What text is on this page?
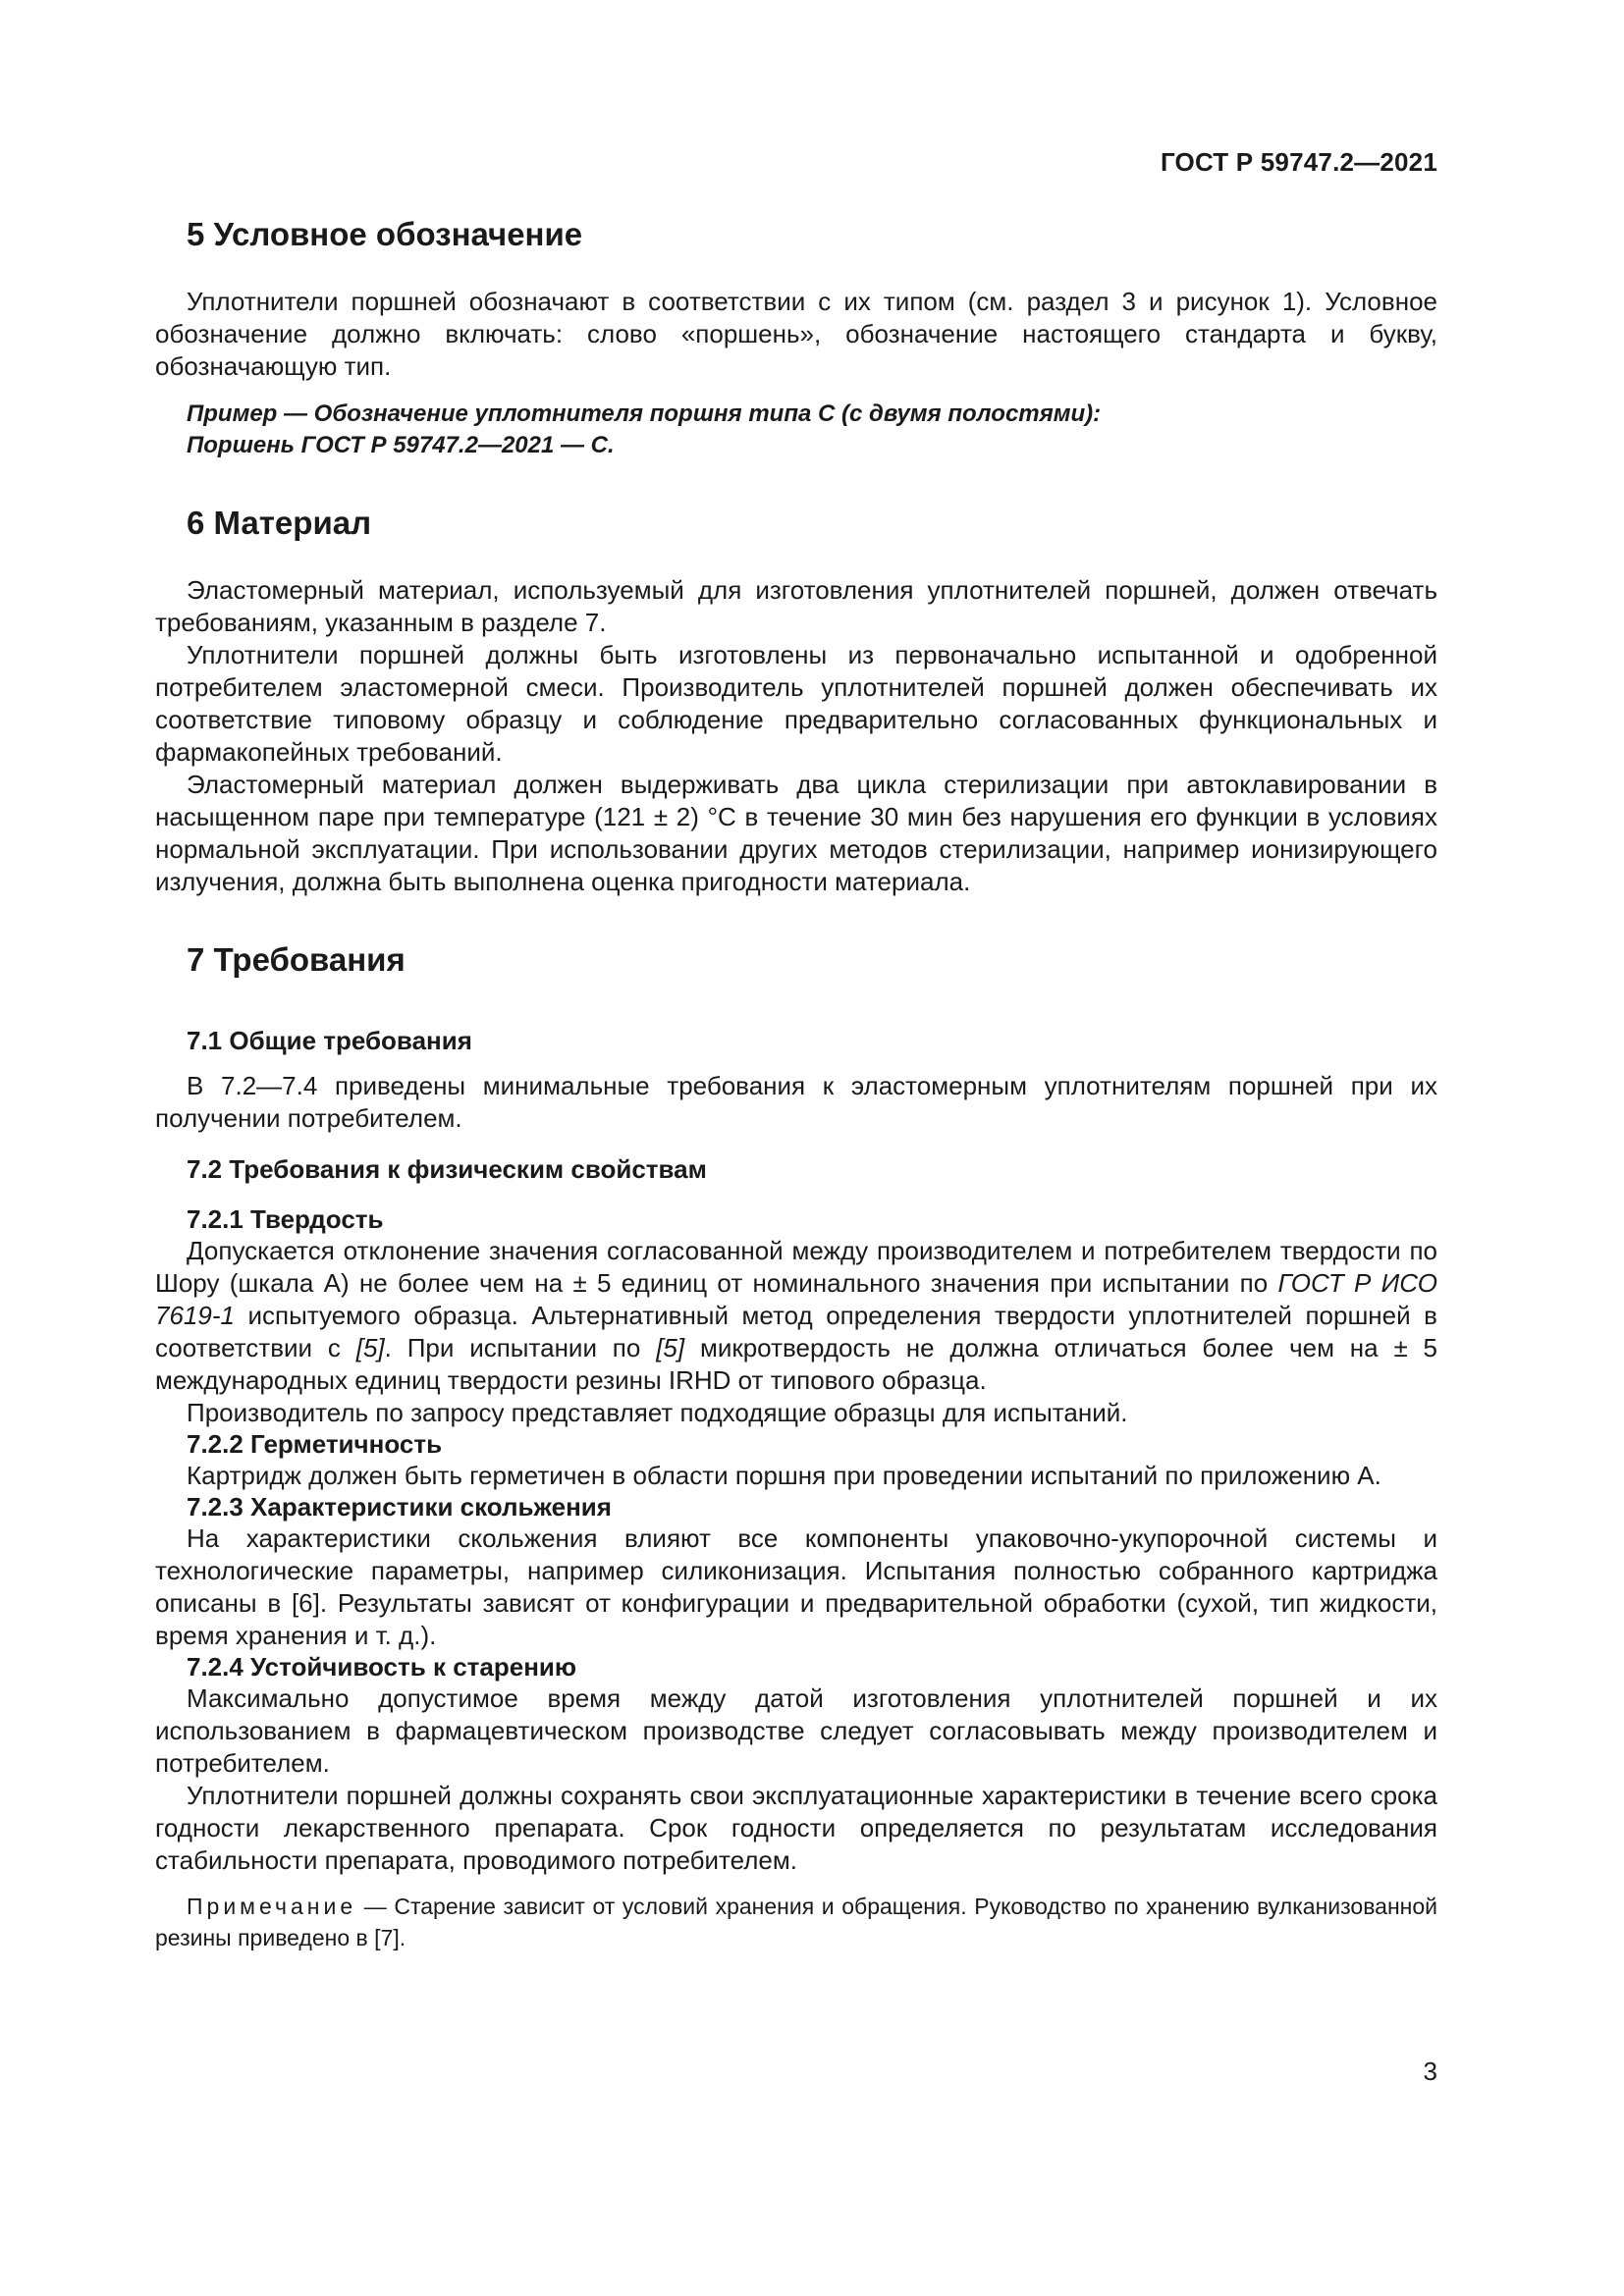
ГОСТ Р 59747.2—2021
5 Условное обозначение

Уплотнители поршней обозначают в соответствии с их типом (см. раздел 3 и рисунок 1). Условное обозначение должно включать: слово «поршень», обозначение настоящего стандарта и букву, обозначающую тип.

Пример — Обозначение уплотнителя поршня типа С (с двумя полостями):

Поршень ГОСТ Р 59747.2—2021 — С.

6 Материал

Эластомерный материал, используемый для изготовления уплотнителей поршней, должен отвечать требованиям, указанным в разделе 7.

Уплотнители поршней должны быть изготовлены из первоначально испытанной и одобренной потребителем эластомерной смеси. Производитель уплотнителей поршней должен обеспечивать их соответствие типовому образцу и соблюдение предварительно согласованных функциональных и фармакопейных требований.

Эластомерный материал должен выдерживать два цикла стерилизации при автоклавировании в насыщенном паре при температуре (121 ± 2) °С в течение 30 мин без нарушения его функции в условиях нормальной эксплуатации. При использовании других методов стерилизации, например ионизирующего излучения, должна быть выполнена оценка пригодности материала.

7 Требования
7.1 Общие требования

В 7.2—7.4 приведены минимальные требования к эластомерным уплотнителям поршней при их получении потребителем.

7.2 Требования к физическим свойствам
7.2.1 Твердость

Допускается отклонение значения согласованной между производителем и потребителем твердости по Шору (шкала А) не более чем на ± 5 единиц от номинального значения при испытании по ГОСТ Р ИСО 7619-1 испытуемого образца. Альтернативный метод определения твердости уплотнителей поршней в соответствии с [5]. При испытании по [5] микротвердость не должна отличаться более чем на ± 5 международных единиц твердости резины IRHD от типового образца.

Производитель по запросу представляет подходящие образцы для испытаний.

7.2.2 Герметичность

Картридж должен быть герметичен в области поршня при проведении испытаний по приложению А.

7.2.3 Характеристики скольжения

На характеристики скольжения влияют все компоненты упаковочно-укупорочной системы и технологические параметры, например силиконизация. Испытания полностью собранного картриджа описаны в [6]. Результаты зависят от конфигурации и предварительной обработки (сухой, тип жидкости, время хранения и т. д.).

7.2.4 Устойчивость к старению

Максимально допустимое время между датой изготовления уплотнителей поршней и их использованием в фармацевтическом производстве следует согласовывать между производителем и потребителем.

Уплотнители поршней должны сохранять свои эксплуатационные характеристики в течение всего срока годности лекарственного препарата. Срок годности определяется по результатам исследования стабильности препарата, проводимого потребителем.

Примечание — Старение зависит от условий хранения и обращения. Руководство по хранению вулканизованной резины приведено в [7].

3
